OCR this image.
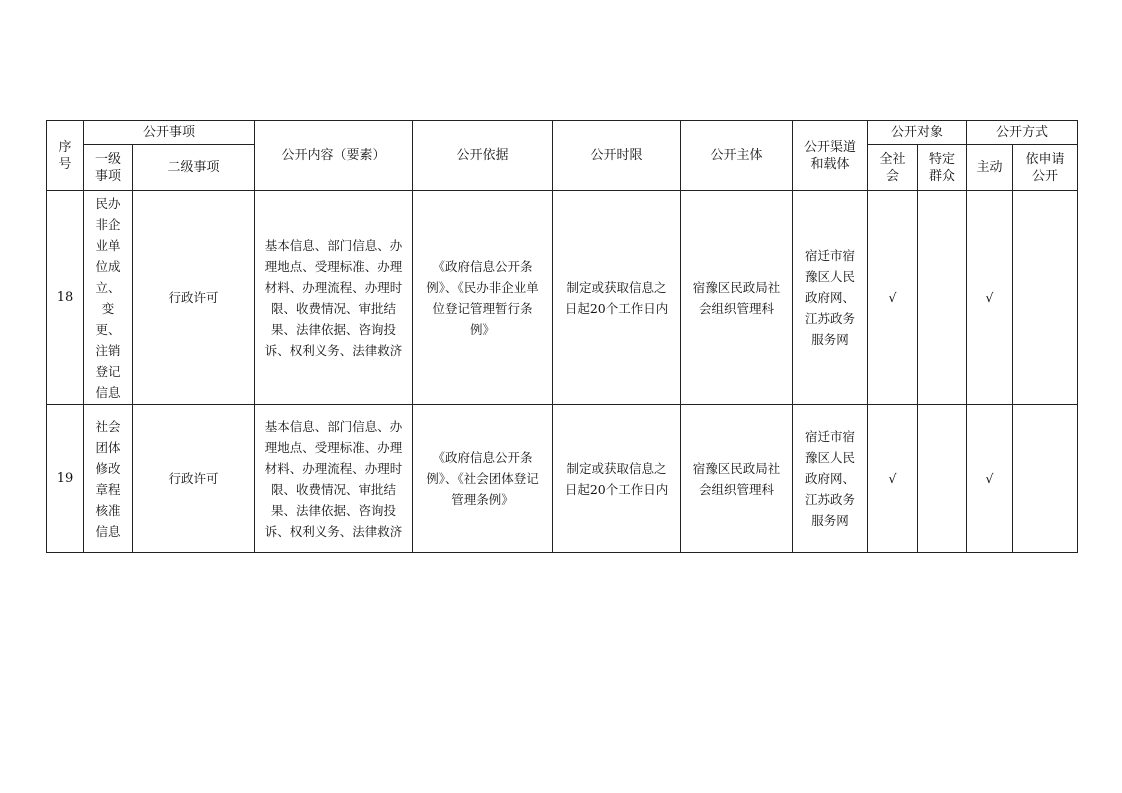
序号	公开事项		公开内容（要素）	公开依据	公开时限	公开主体	公开渠道和载体	公开对象		公开方式	

	一级事项	二级事项						全社会	特定群众	主动	依申请公开

18	民办非企业单位成立、变更、注销登记信息	行政许可	基本信息、部门信息、办理地点、受理标准、办理材料、办理流程、办理时限、收费情况、审批结果、法律依据、咨询投诉、权利义务、法律救济	《政府信息公开条例》、《民办非企业单位登记管理暂行条例》	制定或获取信息之日起20个工作日内	宿豫区民政局社会组织管理科	宿迁市宿豫区人民政府网、江苏政务服务网	√		√	
19	社会团体修改章程核准信息	行政许可	基本信息、部门信息、办理地点、受理标准、办理材料、办理流程、办理时限、收费情况、审批结果、法律依据、咨询投诉、权利义务、法律救济	《政府信息公开条例》、《社会团体登记管理条例》	制定或获取信息之日起20个工作日内	宿豫区民政局社会组织管理科	宿迁市宿豫区人民政府网、江苏政务服务网	√		√	
